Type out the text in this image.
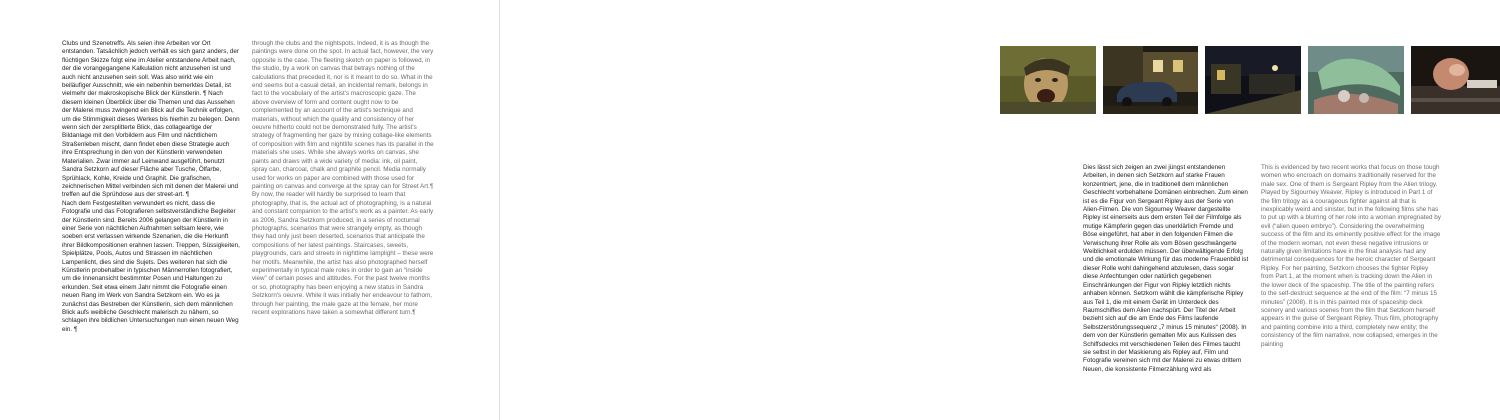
Clubs und Szenetreffs. Als seien ihre Arbeiten vor Ort entstanden. Tatsächlich jedoch verhält es sich ganz anders, der flüchtigen Skizze folgt eine im Atelier entstandene Arbeit nach, der die vorangegangene Kalkulation nicht anzusehen ist und auch nicht anzusehen sein soll. Was also wirkt wie ein beiläufiger Ausschnitt, wie ein nebenhin bemerktes Detail, ist vielmehr der makroskopische Blick der Künstlerin. ¶ Nach diesem kleinen Überblick über die Themen und das Aussehen der Malerei muss zwingend ein Blick auf die Technik erfolgen, um die Stimmigkeit dieses Werkes bis hierhin zu belegen. Denn wenn sich der zersplitterte Blick, das collageartige der Bildanlage mit den Vorbildern aus Film und nächtlichem Straßenleben mischt, dann findet eben diese Strategie auch ihre Entsprechung in den von der Künstlerin verwendeten Materialien. Zwar immer auf Leinwand ausgeführt, benutzt Sandra Setzkorn auf dieser Fläche aber Tusche, Ölfarbe, Sprühlack, Kohle, Kreide und Graphit. Die grafischen, zeichnerischen Mittel verbinden sich mit denen der Malerei und treffen auf die Sprühdose aus der street-art. ¶

Nach dem Festgestellten verwundert es nicht, dass die Fotografie und das Fotografieren selbstverständliche Begleiter der Künstlerin sind. Bereits 2006 gelangen der Künstlerin in einer Serie von nächtlichen Aufnahmen seltsam leere, wie soeben erst verlassen wirkende Szenarien, die die Herkunft ihrer Bildkompositionen erahnen lassen. Treppen, Süssigkeiten, Spielplätze, Pools, Autos und Strassen im nächtlichen Lampenlicht, dies sind die Sujets. Des weiteren hat sich die Künstlerin probehalber in typischen Männerrollen fotografiert, um die Innenansicht bestimmter Posen und Haltungen zu erkunden. Seit etwa einem Jahr nimmt die Fotografie einen neuen Rang im Werk von Sandra Setzkorn ein. Wo es ja zunächst das Bestreben der Künstlerin, sich dem männlichen Blick aufs weibliche Geschlecht malerisch zu nähern, so schlagen ihre bildlichen Untersuchungen nun einen neuen Weg ein. ¶

through the clubs and the nightspots. Indeed, it is as though the paintings were done on the spot. In actual fact, however, the very opposite is the case. The fleeting sketch on paper is followed, in the studio, by a work on canvas that betrays nothing of the calculations that preceded it, nor is it meant to do so. What in the end seems but a casual detail, an incidental remark, belongs in fact to the vocabulary of the artist's macroscopic gaze. The above overview of form and content ought now to be complemented by an account of the artist's technique and materials, without which the quality and consistency of her oeuvre hitherto could not be demonstrated fully. The artist's strategy of fragmenting her gaze by mixing collage-like elements of composition with film and nightlife scenes has its parallel in the materials she uses. While she always works on canvas, she paints and draws with a wide variety of media: ink, oil paint, spray can, charcoal, chalk and graphite pencil. Media normally used for works on paper are combined with those used for painting on canvas and converge at the spray can for Street Art.¶

By now, the reader will hardly be surprised to learn that photography, that is, the actual act of photographing, is a natural and constant companion to the artist's work as a painter. As early as 2006, Sandra Setzkorn produced, in a series of nocturnal photographs, scenarios that were strangely empty, as though they had only just been deserted, scenarios that anticipate the compositions of her latest paintings. Staircases, sweets, playgrounds, cars and streets in nighttime lamplight – these were her motifs. Meanwhile, the artist has also photographed herself experimentally in typical male roles in order to gain an “inside view” of certain poses and attitudes. For the past twelve months or so, photography has been enjoying a new status in Sandra Setzkorn's oeuvre. While it was initially her endeavour to fathom, through her painting, the male gaze at the female, her more recent explorations have taken a somewhat different turn.¶

Dies lässt sich zeigen an zwei jüngst entstandenen Arbeiten, in denen sich Setzkorn auf starke Frauen konzentriert, jene, die in traditionell dem männlichen Geschlecht vorbehaltene Domänen einbrechen. Zum einen ist es die Figur von Sergeant Ripley aus der Serie von Alien-Filmen. Die von Sigourney Weaver dargestellte Ripley ist einerseits aus dem ersten Teil der Filmfolge als mutige Kämpferin gegen das unerklärlich Fremde und Böse eingeführt, hat aber in den folgenden Filmen die Verwischung ihrer Rolle als vom Bösen geschwängerte Weiblichkeit erdulden müssen. Der überwältigende Erfolg und die emotionale Wirkung für das moderne Frauenbild ist dieser Rolle wohl dahingehend abzulesen, dass sogar diese Anfechtungen oder natürlich gegebenen Einschränkungen der Figur von Ripley letztlich nichts anhaben können. Setzkorn wählt die kämpferische Ripley aus Teil 1, die mit einem Gerät im Unterdeck des Raumschiffes dem Alien nachspürt. Der Titel der Arbeit bezieht sich auf die am Ende des Films laufende Selbstzerstörungssequenz „7 minus 15 minutes“ (2008). In dem von der Künstlerin gemalten Mix aus Kulissen des Schiffsdecks mit verschiedenen Teilen des Filmes taucht sie selbst in der Maskierung als Ripley auf, Film und Fotografie vereinen sich mit der Malerei zu etwas drittem Neuen, die konsistente Filmerzählung wird als

This is evidenced by two recent works that focus on those tough women who encroach on domains traditionally reserved for the male sex. One of them is Sergeant Ripley from the Alien trilogy. Played by Sigourney Weaver, Ripley is introduced in Part 1 of the film trilogy as a courageous fighter against all that is inexplicably weird and sinister, but in the following films she has to put up with a blurring of her role into a woman impregnated by evil (“alien queen embryo”). Considering the overwhelming success of the film and its eminently positive effect for the image of the modern woman, not even these negative intrusions or naturally given limitations have in the final analysis had any detrimental consequences for the heroic character of Sergeant Ripley. For her painting, Setzkorn chooses the fighter Ripley from Part 1, at the moment when is tracking down the Alien in the lower deck of the spaceship. The title of the painting refers to the self-destruct sequence at the end of the film: “7 minus 15 minutes” (2008). It is in this painted mix of spaceship deck scenery and various scenes from the film that Setzkorn herself appears in the guise of Sergeant Ripley. Thus film, photography and painting combine into a third, completely new entity; the consistency of the film narrative, now collapsed, emerges in the painting
